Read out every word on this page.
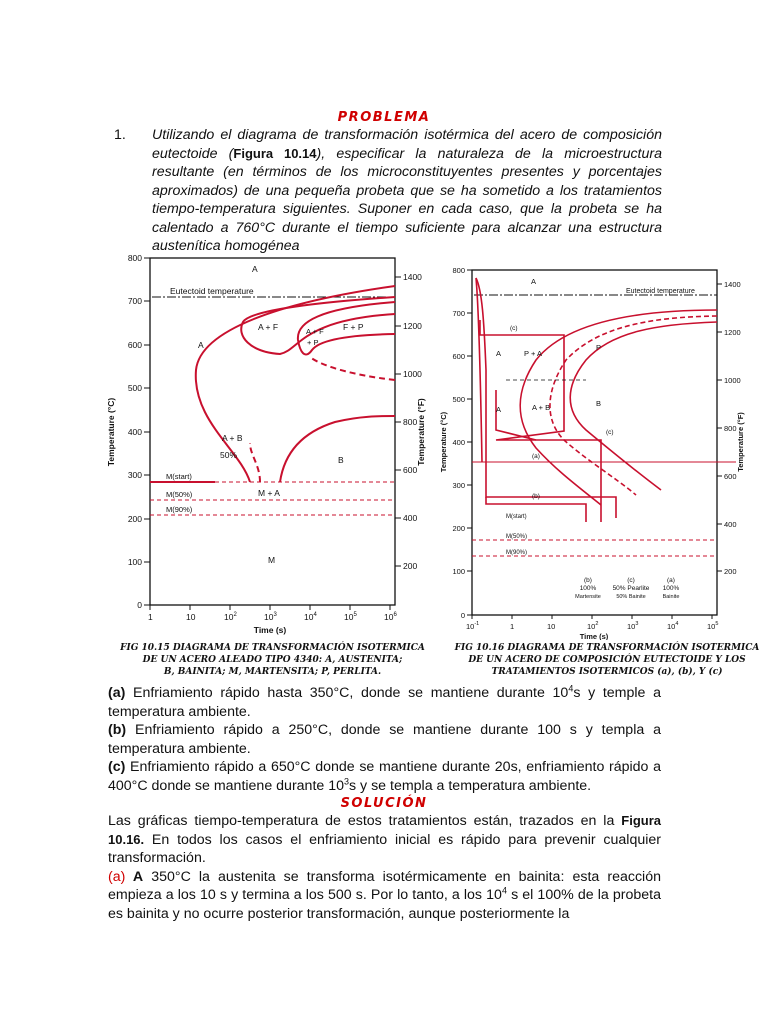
PROBLEMA
1. Utilizando el diagrama de transformación isotérmica del acero de composición eutectoide (Figura 10.14), especificar la naturaleza de la microestructura resultante (en términos de los microconstituyentes presentes y porcentajes aproximados) de una pequeña probeta que se ha sometido a los tratamientos tiempo-temperatura siguientes. Suponer en cada caso, que la probeta se ha calentado a 760°C durante el tiempo suficiente para alcanzar una estructura austenítica homogénea
800
700
600
500
400
300
200
100
0
1400
1200
1000
800
600
400
200
1	10	$10^2$	$10^3$	$10^4$	$10^5$	$10^6$
Time (s)
Temperature (°C)	Temperature (°F)
Eutectoid temperature
A
A
A + F	A + F
+ P
F + P
A + B
50%	B
M + A
M
M(start)
M(50%)
M(90%)
FIG 10.15 DIAGRAMA DE TRANSFORMACIÓN ISOTERMICA
DE UN ACERO ALEADO TIPO 4340: A, AUSTENITA;
B, BAINITA; M, MARTENSITA; P, PERLITA.
800
700
600
500
400
300
200
100
0
1400
1200
1000
800
600
400
200
$10^{-1}$	1	10	$10^2$	$10^3$	$10^4$	$10^5$
Time (s)
Temperature (°C)	Temperature (°F)
Eutectoid temperature
A
A
A
P + A
P
A + B	B
(c)
(c)
(a)
(b)
M(start)
M(50%)
M(90%)
(b)
100%
Martensite
(c)
50% Pearlite
50% Bainite
(a)
100%
Bainite
FIG 10.16 DIAGRAMA DE TRANSFORMACIÓN ISOTERMICA
DE UN ACERO DE COMPOSICIÓN EUTECTOIDE Y LOS
TRATAMIENTOS ISOTERMICOS (a), (b), Y (c)

(a) Enfriamiento rápido hasta 350°C, donde se mantiene durante $10^4s$ y temple a temperatura ambiente.

(b) Enfriamiento rápido a 250°C, donde se mantiene durante 100 s y templa a temperatura ambiente.

(c) Enfriamiento rápido a 650°C donde se mantiene durante 20s, enfriamiento rápido a 400°C donde se mantiene durante $10^3s$ y se templa a temperatura ambiente.

SOLUCIÓN

Las gráficas tiempo-temperatura de estos tratamientos están, trazados en la Figura 10.16. En todos los casos el enfriamiento inicial es rápido para prevenir cualquier transformación.

(a) A 350°C la austenita se transforma isotérmicamente en bainita: esta reacción empieza a los 10 s y termina a los 500 s. Por lo tanto, a los $10^4$ s el 100% de la probeta es bainita y no ocurre posterior transformación, aunque posteriormente la
